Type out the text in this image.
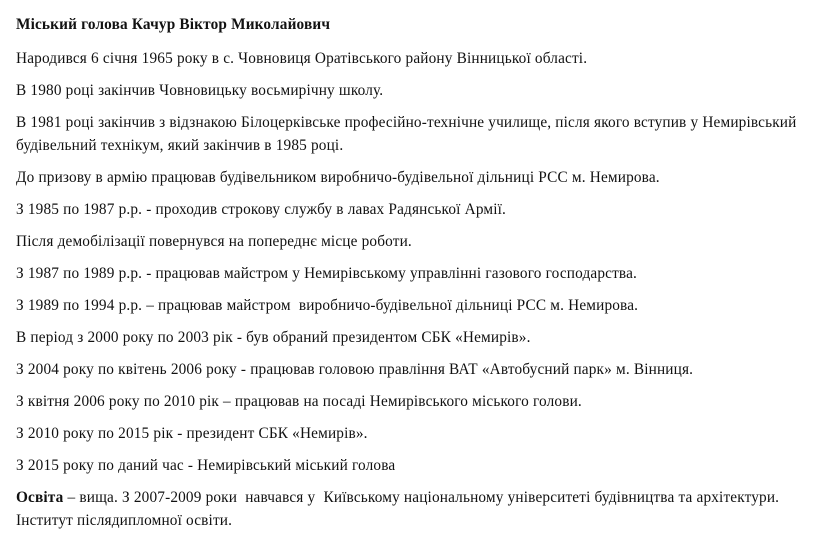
Міський голова Качур Віктор Миколайович

Народився 6 січня 1965 року в с. Човновиця Оратівського району Вінницької області.

В 1980 році закінчив Човновицьку восьмирічну школу.

В 1981 році закінчив з відзнакою Білоцерківське професійно-технічне училище, після якого вступив у Немирівський будівельний технікум, який закінчив в 1985 році.

До призову в армію працював будівельником виробничо-будівельної дільниці РСС м. Немирова.

З 1985 по 1987 р.р. - проходив строкову службу в лавах Радянської Армії.

Після демобілізації повернувся на попереднє місце роботи.

З 1987 по 1989 р.р. - працював майстром у Немирівському управлінні газового господарства.

З 1989 по 1994 р.р. – працював майстром  виробничо-будівельної дільниці РСС м. Немирова.

В період з 2000 року по 2003 рік - був обраний президентом СБК «Немирів».

З 2004 року по квітень 2006 року - працював головою правління ВАТ «Автобусний парк» м. Вінниця.

З квітня 2006 року по 2010 рік – працював на посаді Немирівського міського голови.

З 2010 року по 2015 рік - президент СБК «Немирів».

З 2015 року по даний час - Немирівський міський голова

Освіта – вища. З 2007-2009 роки  навчався у  Київському національному університеті будівництва та архітектури. Інститут післядипломної освіти.
